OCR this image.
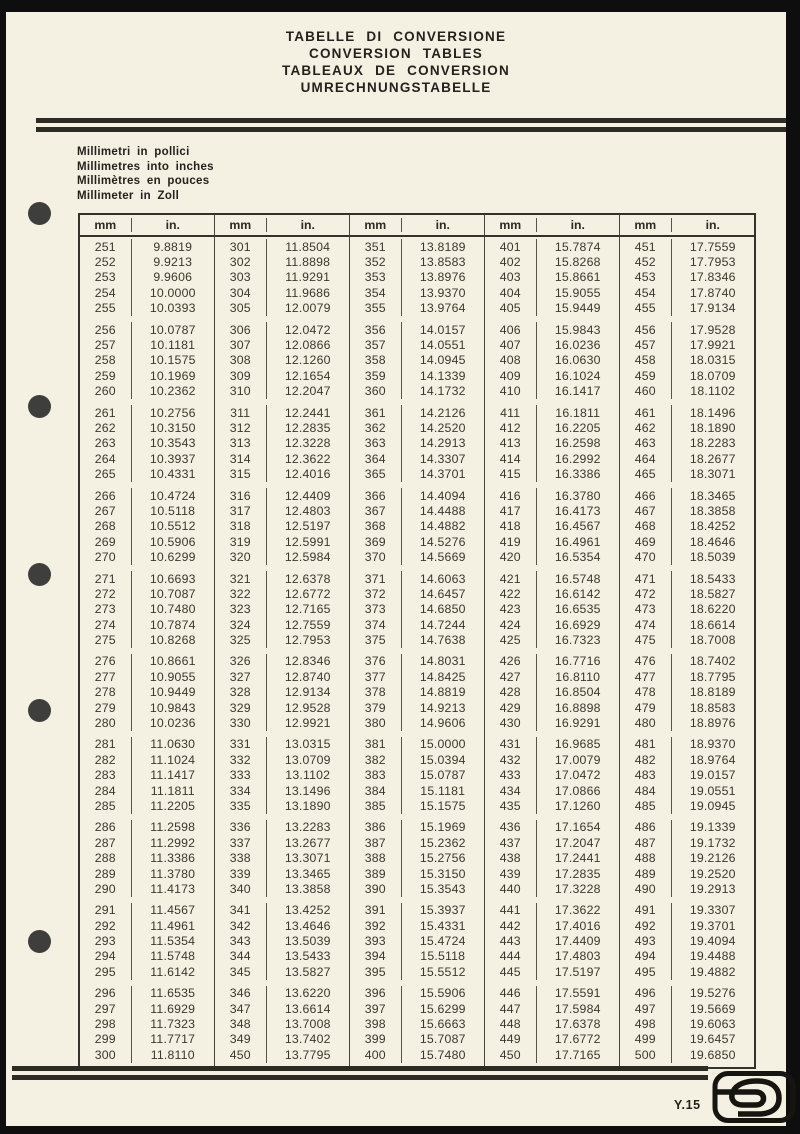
TABELLE DI CONVERSIONE
CONVERSION TABLES
TABLEAUX DE CONVERSION
UMRECHNUNGSTABELLE
Millimetri in pollici
Millimetres into inches
Millimètres en pouces
Millimeter in Zoll
mm	in.
251	9.8819
252	9.9213
253	9.9606
254	10.0000
255	10.0393
256	10.0787
257	10.1181
258	10.1575
259	10.1969
260	10.2362
261	10.2756
262	10.3150
263	10.3543
264	10.3937
265	10.4331
266	10.4724
267	10.5118
268	10.5512
269	10.5906
270	10.6299
271	10.6693
272	10.7087
273	10.7480
274	10.7874
275	10.8268
276	10.8661
277	10.9055
278	10.9449
279	10.9843
280	10.0236
281	11.0630
282	11.1024
283	11.1417
284	11.1811
285	11.2205
286	11.2598
287	11.2992
288	11.3386
289	11.3780
290	11.4173
291	11.4567
292	11.4961
293	11.5354
294	11.5748
295	11.6142
296	11.6535
297	11.6929
298	11.7323
299	11.7717
300	11.8110
mm	in.
301	11.8504
302	11.8898
303	11.9291
304	11.9686
305	12.0079
306	12.0472
307	12.0866
308	12.1260
309	12.1654
310	12.2047
311	12.2441
312	12.2835
313	12.3228
314	12.3622
315	12.4016
316	12.4409
317	12.4803
318	12.5197
319	12.5991
320	12.5984
321	12.6378
322	12.6772
323	12.7165
324	12.7559
325	12.7953
326	12.8346
327	12.8740
328	12.9134
329	12.9528
330	12.9921
331	13.0315
332	13.0709
333	13.1102
334	13.1496
335	13.1890
336	13.2283
337	13.2677
338	13.3071
339	13.3465
340	13.3858
341	13.4252
342	13.4646
343	13.5039
344	13.5433
345	13.5827
346	13.6220
347	13.6614
348	13.7008
349	13.7402
450	13.7795
mm	in.
351	13.8189
352	13.8583
353	13.8976
354	13.9370
355	13.9764
356	14.0157
357	14.0551
358	14.0945
359	14.1339
360	14.1732
361	14.2126
362	14.2520
363	14.2913
364	14.3307
365	14.3701
366	14.4094
367	14.4488
368	14.4882
369	14.5276
370	14.5669
371	14.6063
372	14.6457
373	14.6850
374	14.7244
375	14.7638
376	14.8031
377	14.8425
378	14.8819
379	14.9213
380	14.9606
381	15.0000
382	15.0394
383	15.0787
384	15.1181
385	15.1575
386	15.1969
387	15.2362
388	15.2756
389	15.3150
390	15.3543
391	15.3937
392	15.4331
393	15.4724
394	15.5118
395	15.5512
396	15.5906
397	15.6299
398	15.6663
399	15.7087
400	15.7480
mm	in.
401	15.7874
402	15.8268
403	15.8661
404	15.9055
405	15.9449
406	15.9843
407	16.0236
408	16.0630
409	16.1024
410	16.1417
411	16.1811
412	16.2205
413	16.2598
414	16.2992
415	16.3386
416	16.3780
417	16.4173
418	16.4567
419	16.4961
420	16.5354
421	16.5748
422	16.6142
423	16.6535
424	16.6929
425	16.7323
426	16.7716
427	16.8110
428	16.8504
429	16.8898
430	16.9291
431	16.9685
432	17.0079
433	17.0472
434	17.0866
435	17.1260
436	17.1654
437	17.2047
438	17.2441
439	17.2835
440	17.3228
441	17.3622
442	17.4016
443	17.4409
444	17.4803
445	17.5197
446	17.5591
447	17.5984
448	17.6378
449	17.6772
450	17.7165
mm	in.
451	17.7559
452	17.7953
453	17.8346
454	17.8740
455	17.9134
456	17.9528
457	17.9921
458	18.0315
459	18.0709
460	18.1102
461	18.1496
462	18.1890
463	18.2283
464	18.2677
465	18.3071
466	18.3465
467	18.3858
468	18.4252
469	18.4646
470	18.5039
471	18.5433
472	18.5827
473	18.6220
474	18.6614
475	18.7008
476	18.7402
477	18.7795
478	18.8189
479	18.8583
480	18.8976
481	18.9370
482	18.9764
483	19.0157
484	19.0551
485	19.0945
486	19.1339
487	19.1732
488	19.2126
489	19.2520
490	19.2913
491	19.3307
492	19.3701
493	19.4094
494	19.4488
495	19.4882
496	19.5276
497	19.5669
498	19.6063
499	19.6457
500	19.6850
Y.15
